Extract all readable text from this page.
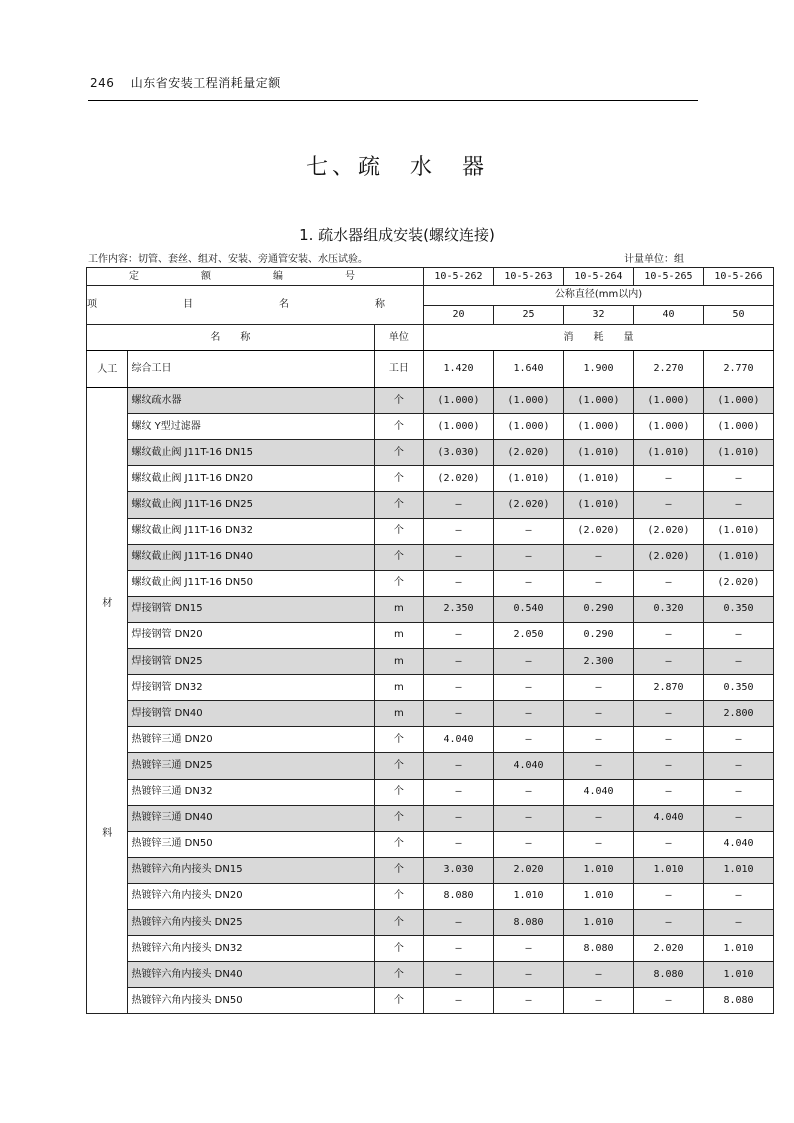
246 山东省安装工程消耗量定额
七、疏　水　器
1. 疏水器组成安装(螺纹连接)
工作内容：切管、套丝、组对、安装、旁通管安装、水压试验。	计量单位：组
定　额　编　号			10-5-262	10-5-263	10-5-264	10-5-265	10-5-266
项　目　名　称			公称直径(mm以内)				
			20	25	32	40	50
名　　称		单位	消　　耗　　量				
人工	综合工日	工日	1.420	1.640	1.900	2.270	2.770

材
料	螺纹疏水器	个	(1.000)	(1.000)	(1.000)	(1.000)	(1.000)
	螺纹 Y型过滤器	个	(1.000)	(1.000)	(1.000)	(1.000)	(1.000)
	螺纹截止阀 J11T-16 DN15	个	(3.030)	(2.020)	(1.010)	(1.010)	(1.010)
	螺纹截止阀 J11T-16 DN20	个	(2.020)	(1.010)	(1.010)	—	—
	螺纹截止阀 J11T-16 DN25	个	—	(2.020)	(1.010)	—	—
	螺纹截止阀 J11T-16 DN32	个	—	—	(2.020)	(2.020)	(1.010)
	螺纹截止阀 J11T-16 DN40	个	—	—	—	(2.020)	(1.010)
	螺纹截止阀 J11T-16 DN50	个	—	—	—	—	(2.020)
	焊接钢管 DN15	m	2.350	0.540	0.290	0.320	0.350
	焊接钢管 DN20	m	—	2.050	0.290	—	—
	焊接钢管 DN25	m	—	—	2.300	—	—
	焊接钢管 DN32	m	—	—	—	2.870	0.350
	焊接钢管 DN40	m	—	—	—	—	2.800
	热镀锌三通 DN20	个	4.040	—	—	—	—
	热镀锌三通 DN25	个	—	4.040	—	—	—
	热镀锌三通 DN32	个	—	—	4.040	—	—
	热镀锌三通 DN40	个	—	—	—	4.040	—
	热镀锌三通 DN50	个	—	—	—	—	4.040
	热镀锌六角内接头 DN15	个	3.030	2.020	1.010	1.010	1.010
	热镀锌六角内接头 DN20	个	8.080	1.010	1.010	—	—
	热镀锌六角内接头 DN25	个	—	8.080	1.010	—	—
	热镀锌六角内接头 DN32	个	—	—	8.080	2.020	1.010
	热镀锌六角内接头 DN40	个	—	—	—	8.080	1.010
	热镀锌六角内接头 DN50	个	—	—	—	—	8.080
